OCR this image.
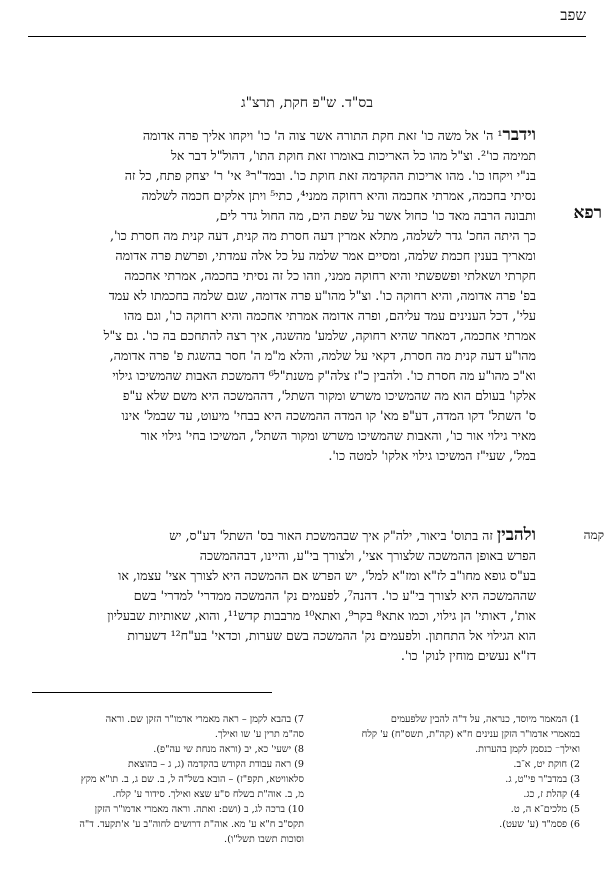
שפב
בס"ד. ש"פ חקת, תרצ"ג
רפא
וידבר¹ ה' אל משה כו' זאת חקת התורה אשר צוה ה' כו' ויקחו אליך פרה אדומה
תמימה כו'². וצ"ל מהו כל האריכות באומרו זאת חוקת התו', דהול"ל דבר אל
בנ"י ויקחו כו'. מהו אריכות ההקדמה זאת חוקת כו'. ובמד"ר³ אי' ר' יצחק פתח, כל זה
נסיתי בחכמה, אמרתי אחכמה והיא רחוקה ממני⁴, כתי⁵ ויתן אלקים חכמה לשלמה
ותבונה הרבה מאד כו' כחול אשר על שפת הים, מה החול גדר לים,
כך היתה החכ' גדר לשלמה, מתלא אמרין דעה חסרת מה קנית, דעה קנית מה חסרת כו',
ומאריך בענין חכמת שלמה, ומסיים אמר שלמה על כל אלה עמדתי, ופרשת פרה אדומה
חקרתי ושאלתי ופשפשתי והיא רחוקה ממני, וזהו כל זה נסיתי בחכמה, אמרתי אחכמה
בפ' פרה אדומה, והיא רחוקה כו'. וצ"ל מהו"ע פרה אדומה, שגם שלמה בחכמתו לא עמד
עלי', דכל הענינים עמד עליהם, ופרה אדומה אמרתי אחכמה והיא רחוקה כו', וגם מהו
אמרתי אחכמה, דמאחר שהיא רחוקה, שלמע' מהשגה, איך רצה להתחכם בה כו'. גם צ"ל
מהו"ע דעה קנית מה חסרת, דקאי על שלמה, והלא מ"מ ה' חסר בהשגת פ' פרה אדומה,
וא"כ מהו"ע מה חסרת כו'. ולהבין כ"ז צלה"ק משנת"ל⁶ דהמשכת האבות שהמשיכו גילוי
אלקו' בעולם הוא מה שהמשיכו משרש ומקור השתל', דההמשכה היא משם שלא ע"פ
ס' השתל' דקו המדה, דע"פ מא' קו המדה ההמשכה היא בבחי' מיעוט, עד שבמל' אינו
מאיר גילוי אור כו', והאבות שהמשיכו משרש ומקור השתל', המשיכו בחי' גילוי אור
במל', שעי"ז המשיכו גילוי אלקו' למטה כו'.
קמה
ולהבין זה בתוס' ביאור, ילה"ק איך שבהמשכת האור בס' השתל' דע"ס, יש
הפרש באופן ההמשכה שלצורך אצי', ולצורך בי"ע, והיינו, דבההמשכה
בע"ס גופא מחו"ב לז"א ומז"א למל', יש הפרש אם ההמשכה היא לצורך אצי' עצמו, או
שההמשכה היא לצורך בי"ע כו'. דהנה⁷, לפעמים נק' ההמשכה ממדרי' למדרי' בשם
אות', דאותי' הן גילוי, וכמו אתא⁸ בקר⁹, ואתא¹⁰ מרבבות קדש¹¹, והוא, שאותיות שבעליון
הוא הגילוי אל התחתון. ולפעמים נק' ההמשכה בשם שערות, וכדאי' בע"ח¹² דשערות
דז"א נעשים מוחין לנוק' כו'.
1) המאמר מיוסד, כנראה, על ד"ה להבין שלפעמים
במאמרי אדמו"ר הזקן ענינים ח"א (קה"ת, תשס"ח) ע' קלח
ואילך⁻ כנסמן לקמן בהערות.
2) חוקת יט, א־ב.
3) במדב"ר פי"ט, ג.
4) קהלת ז, כג.
5) מלכים־א ה, ט.
6) פסמ"ד (ע' שעט).
7) בהבא לקמן – ראה מאמרי אדמו"ר הזקן שם. וראה
סה"מ תרין ע' שו ואילך.
8) ישעי' כא, יב (וראה מנחת שי עה"פ).
9) ראה עבודת הקודש בהקדמה (ג, ג – בהוצאת
סלאוויטא, תקפ"ז) – הובא בשל"ה ל, ב. שם ג, ב. תו"א מקץ
מ, ב. אוה"ת בשלח ס"ע שצא ואילך. סידור ע' קלח.
10) ברכה לג, ב (ושם: ואתה. וראה מאמרי אדמו"ר הזקן
תקס"ב ח"א ע' מא. אוה"ת דרושים לחוה"ב ע' א'תקעד. ד"ה
וסוכות תשבו תשל"ו).
